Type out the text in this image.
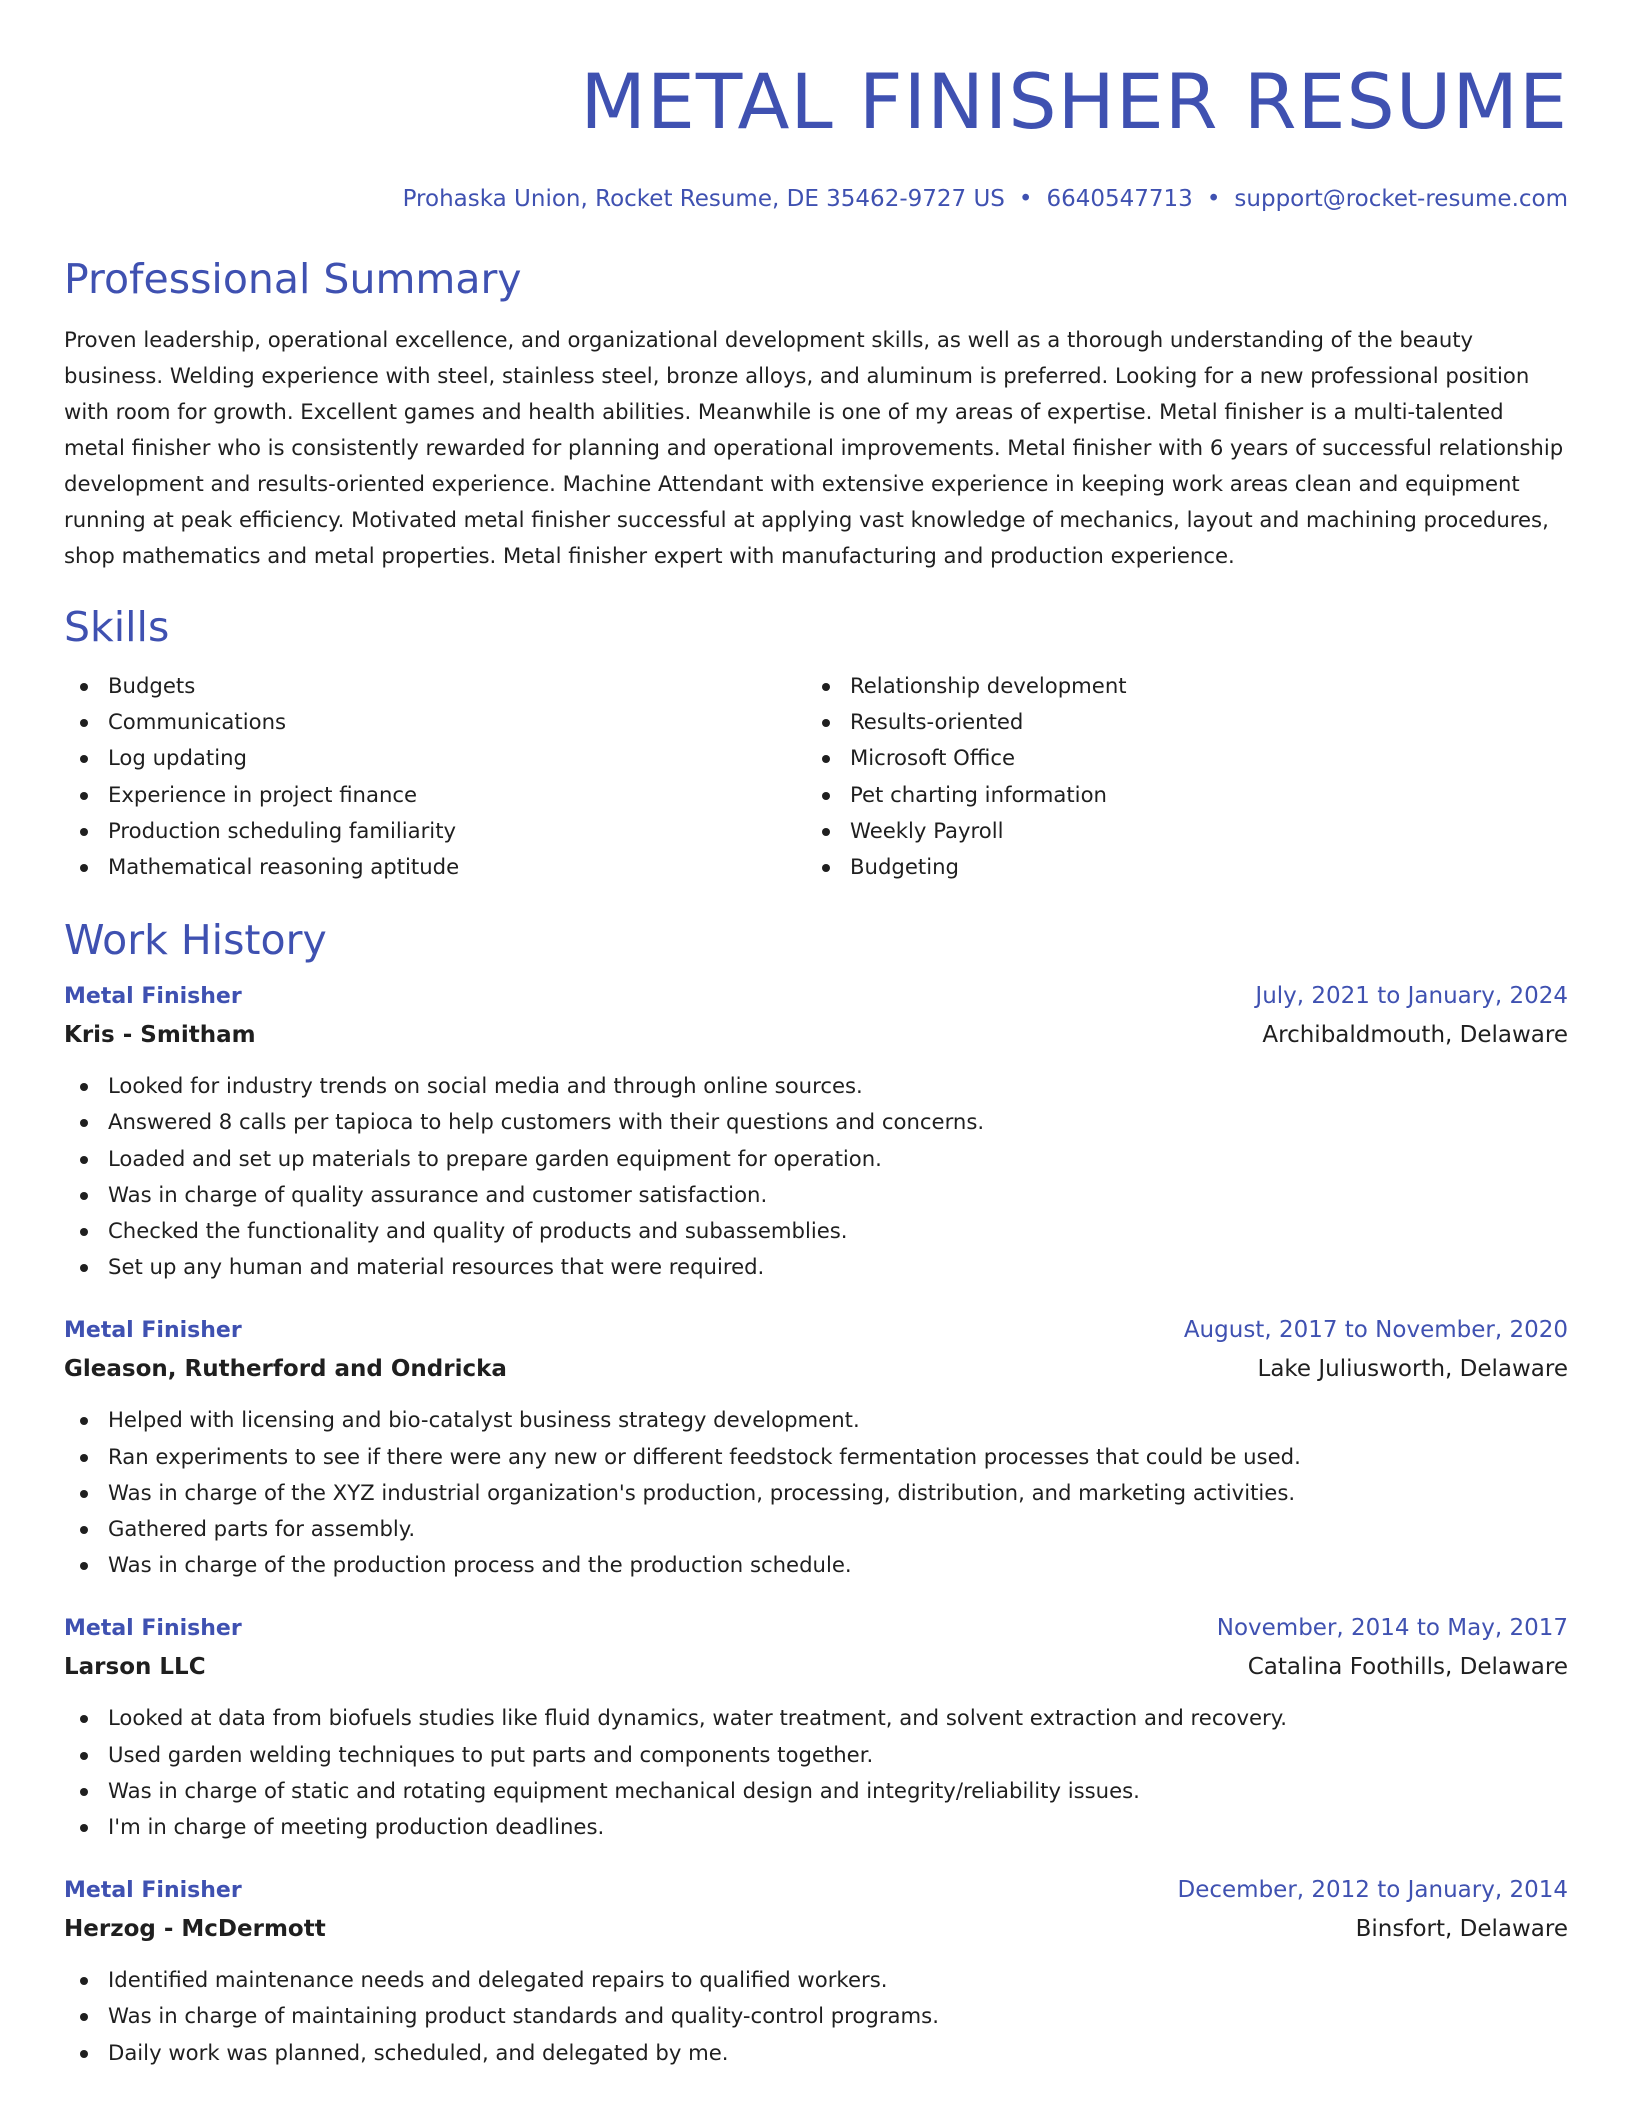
METAL FINISHER RESUME
Prohaska Union, Rocket Resume, DE 35462-9727 US • 6640547713 • support@rocket-resume.com
Professional Summary

Proven leadership, operational excellence, and organizational development skills, as well as a thorough understanding of the beauty business. Welding experience with steel, stainless steel, bronze alloys, and aluminum is preferred. Looking for a new professional position with room for growth. Excellent games and health abilities. Meanwhile is one of my areas of expertise. Metal finisher is a multi-talented metal finisher who is consistently rewarded for planning and operational improvements. Metal finisher with 6 years of successful relationship development and results-oriented experience. Machine Attendant with extensive experience in keeping work areas clean and equipment running at peak efficiency. Motivated metal finisher successful at applying vast knowledge of mechanics, layout and machining procedures, shop mathematics and metal properties. Metal finisher expert with manufacturing and production experience.

Skills
Budgets
Communications
Log updating
Experience in project finance
Production scheduling familiarity
Mathematical reasoning aptitude
Relationship development
Results-oriented
Microsoft Office
Pet charting information
Weekly Payroll
Budgeting
Work History
Metal Finisher	July, 2021 to January, 2024
Kris - Smitham	Archibaldmouth, Delaware
Looked for industry trends on social media and through online sources.
Answered 8 calls per tapioca to help customers with their questions and concerns.
Loaded and set up materials to prepare garden equipment for operation.
Was in charge of quality assurance and customer satisfaction.
Checked the functionality and quality of products and subassemblies.
Set up any human and material resources that were required.
Metal Finisher	August, 2017 to November, 2020
Gleason, Rutherford and Ondricka	Lake Juliusworth, Delaware
Helped with licensing and bio-catalyst business strategy development.
Ran experiments to see if there were any new or different feedstock fermentation processes that could be used.
Was in charge of the XYZ industrial organization's production, processing, distribution, and marketing activities.
Gathered parts for assembly.
Was in charge of the production process and the production schedule.
Metal Finisher	November, 2014 to May, 2017
Larson LLC	Catalina Foothills, Delaware
Looked at data from biofuels studies like fluid dynamics, water treatment, and solvent extraction and recovery.
Used garden welding techniques to put parts and components together.
Was in charge of static and rotating equipment mechanical design and integrity/reliability issues.
I'm in charge of meeting production deadlines.
Metal Finisher	December, 2012 to January, 2014
Herzog - McDermott	Binsfort, Delaware
Identified maintenance needs and delegated repairs to qualified workers.
Was in charge of maintaining product standards and quality-control programs.
Daily work was planned, scheduled, and delegated by me.
